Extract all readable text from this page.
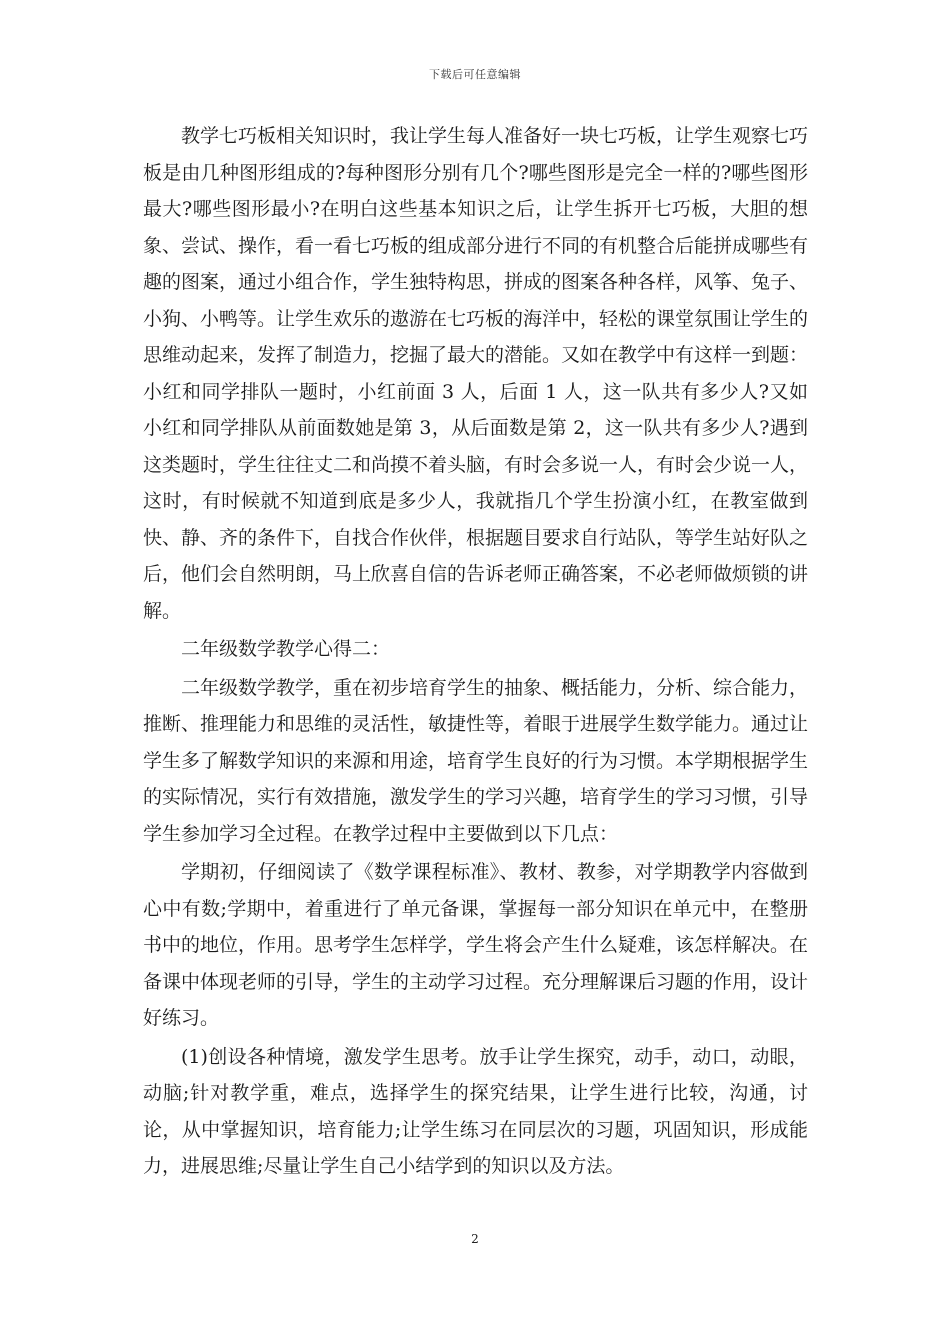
下载后可任意编辑

教学七巧板相关知识时，我让学生每人准备好一块七巧板，让学生观察七巧板是由几种图形组成的?每种图形分别有几个?哪些图形是完全一样的?哪些图形最大?哪些图形最小?在明白这些基本知识之后，让学生拆开七巧板，大胆的想象、尝试、操作，看一看七巧板的组成部分进行不同的有机整合后能拼成哪些有趣的图案，通过小组合作，学生独特构思，拼成的图案各种各样，风筝、兔子、小狗、小鸭等。让学生欢乐的遨游在七巧板的海洋中，轻松的课堂氛围让学生的思维动起来，发挥了制造力，挖掘了最大的潜能。又如在教学中有这样一到题：小红和同学排队一题时，小红前面 3 人，后面 1 人，这一队共有多少人?又如小红和同学排队从前面数她是第 3，从后面数是第 2，这一队共有多少人?遇到这类题时，学生往往丈二和尚摸不着头脑，有时会多说一人，有时会少说一人，这时，有时候就不知道到底是多少人，我就指几个学生扮演小红，在教室做到快、静、齐的条件下，自找合作伙伴，根据题目要求自行站队，等学生站好队之后，他们会自然明朗，马上欣喜自信的告诉老师正确答案，不必老师做烦锁的讲解。

二年级数学教学心得二：

二年级数学教学，重在初步培育学生的抽象、概括能力，分析、综合能力，推断、推理能力和思维的灵活性，敏捷性等，着眼于进展学生数学能力。通过让学生多了解数学知识的来源和用途，培育学生良好的行为习惯。本学期根据学生的实际情况，实行有效措施，激发学生的学习兴趣，培育学生的学习习惯，引导学生参加学习全过程。在教学过程中主要做到以下几点：

学期初，仔细阅读了《数学课程标准》、教材、教参，对学期教学内容做到心中有数;学期中，着重进行了单元备课，掌握每一部分知识在单元中，在整册书中的地位，作用。思考学生怎样学，学生将会产生什么疑难，该怎样解决。在备课中体现老师的引导，学生的主动学习过程。充分理解课后习题的作用，设计好练习。

(1)创设各种情境，激发学生思考。放手让学生探究，动手，动口，动眼，动脑;针对教学重，难点，选择学生的探究结果，让学生进行比较，沟通，讨论，从中掌握知识，培育能力;让学生练习在同层次的习题，巩固知识，形成能力，进展思维;尽量让学生自己小结学到的知识以及方法。

2
